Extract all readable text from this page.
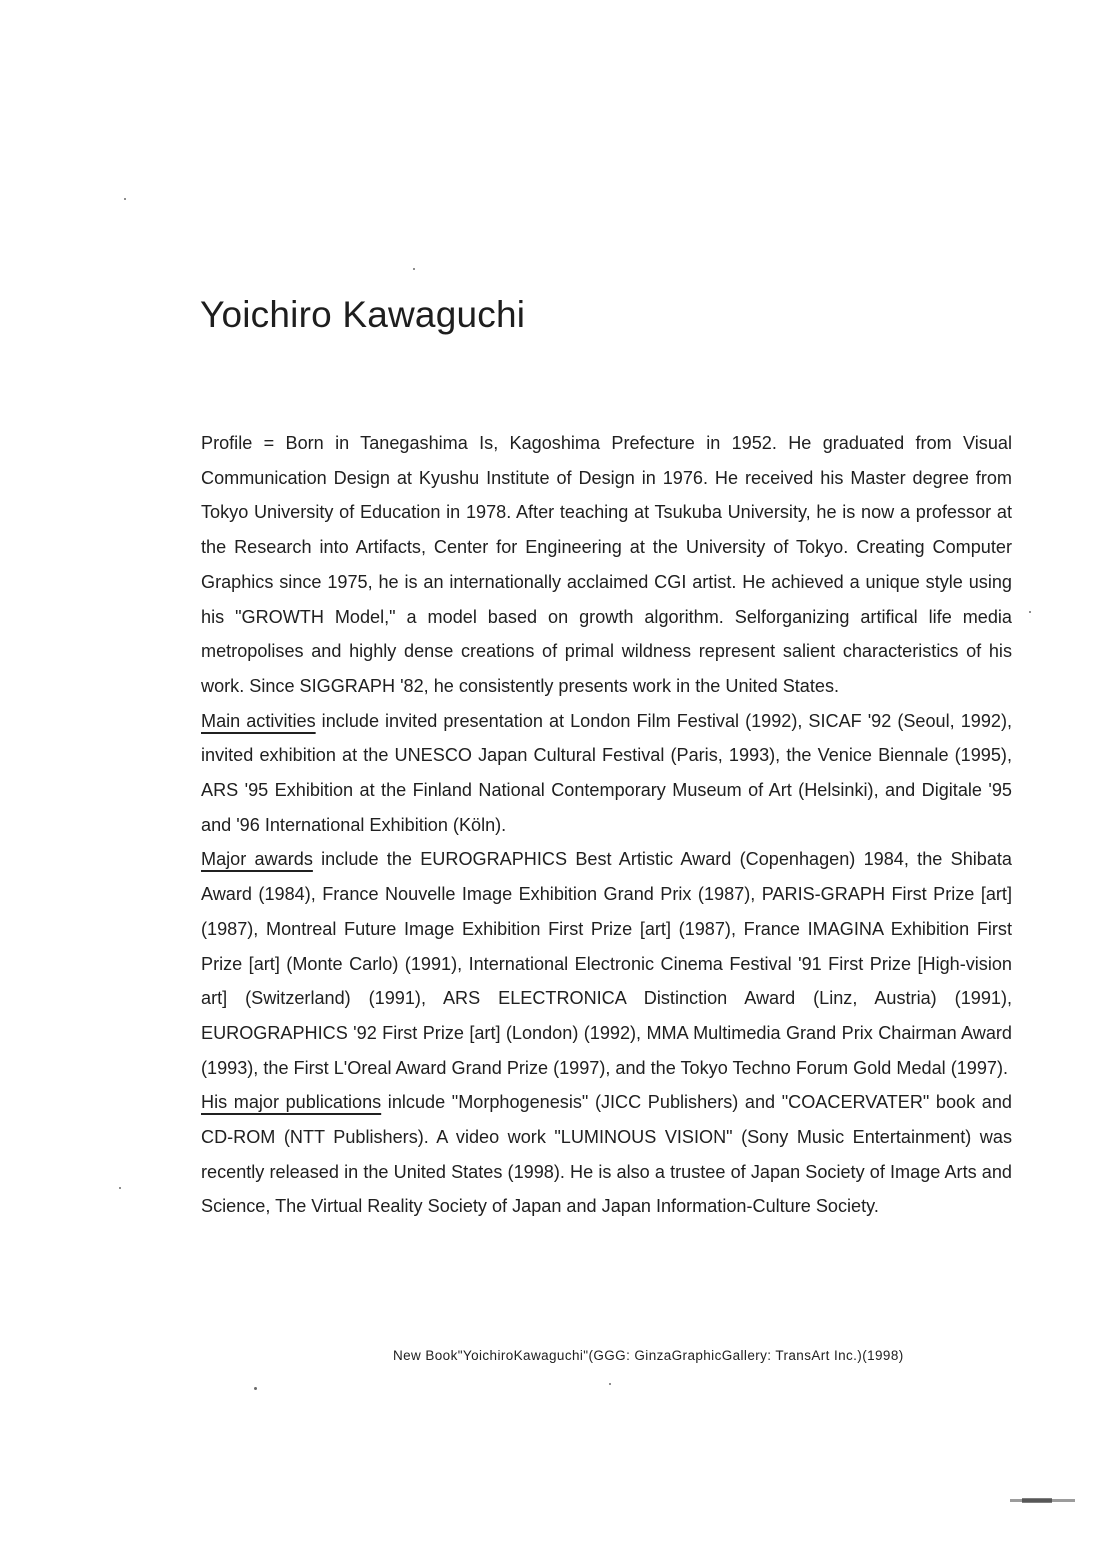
Yoichiro Kawaguchi

Profile = Born in Tanegashima Is, Kagoshima Prefecture in 1952. He graduated from Visual Communication Design at Kyushu Institute of Design in 1976. He received his Master degree from Tokyo University of Education in 1978. After teaching at Tsukuba University, he is now a professor at the Research into Artifacts, Center for Engineering at the University of Tokyo. Creating Computer Graphics since 1975, he is an internationally acclaimed CGI artist. He achieved a unique style using his "GROWTH Model," a model based on growth algorithm. Selforganizing artifical life media metropolises and highly dense creations of primal wildness represent salient characteristics of his work. Since SIGGRAPH '82, he consistently presents work in the United States.

Main activities include invited presentation at London Film Festival (1992), SICAF '92 (Seoul, 1992), invited exhibition at the UNESCO Japan Cultural Festival (Paris, 1993), the Venice Biennale (1995), ARS '95 Exhibition at the Finland National Contemporary Museum of Art (Helsinki), and Digitale '95 and '96 International Exhibition (Köln).

Major awards include the EUROGRAPHICS Best Artistic Award (Copenhagen) 1984, the Shibata Award (1984), France Nouvelle Image Exhibition Grand Prix (1987), PARIS-GRAPH First Prize [art] (1987), Montreal Future Image Exhibition First Prize [art] (1987), France IMAGINA Exhibition First Prize [art] (Monte Carlo) (1991), International Electronic Cinema Festival '91 First Prize [High-vision art] (Switzerland) (1991), ARS ELECTRONICA Distinction Award (Linz, Austria) (1991), EUROGRAPHICS '92 First Prize [art] (London) (1992), MMA Multimedia Grand Prix Chairman Award (1993), the First L'Oreal Award Grand Prize (1997), and the Tokyo Techno Forum Gold Medal (1997).

His major publications inlcude "Morphogenesis" (JICC Publishers) and "COACERVATER" book and CD-ROM (NTT Publishers). A video work "LUMINOUS VISION" (Sony Music Entertainment) was recently released in the United States (1998). He is also a trustee of Japan Society of Image Arts and Science, The Virtual Reality Society of Japan and Japan Information-Culture Society.

New Book"YoichiroKawaguchi"(GGG: GinzaGraphicGallery: TransArt Inc.)(1998)
